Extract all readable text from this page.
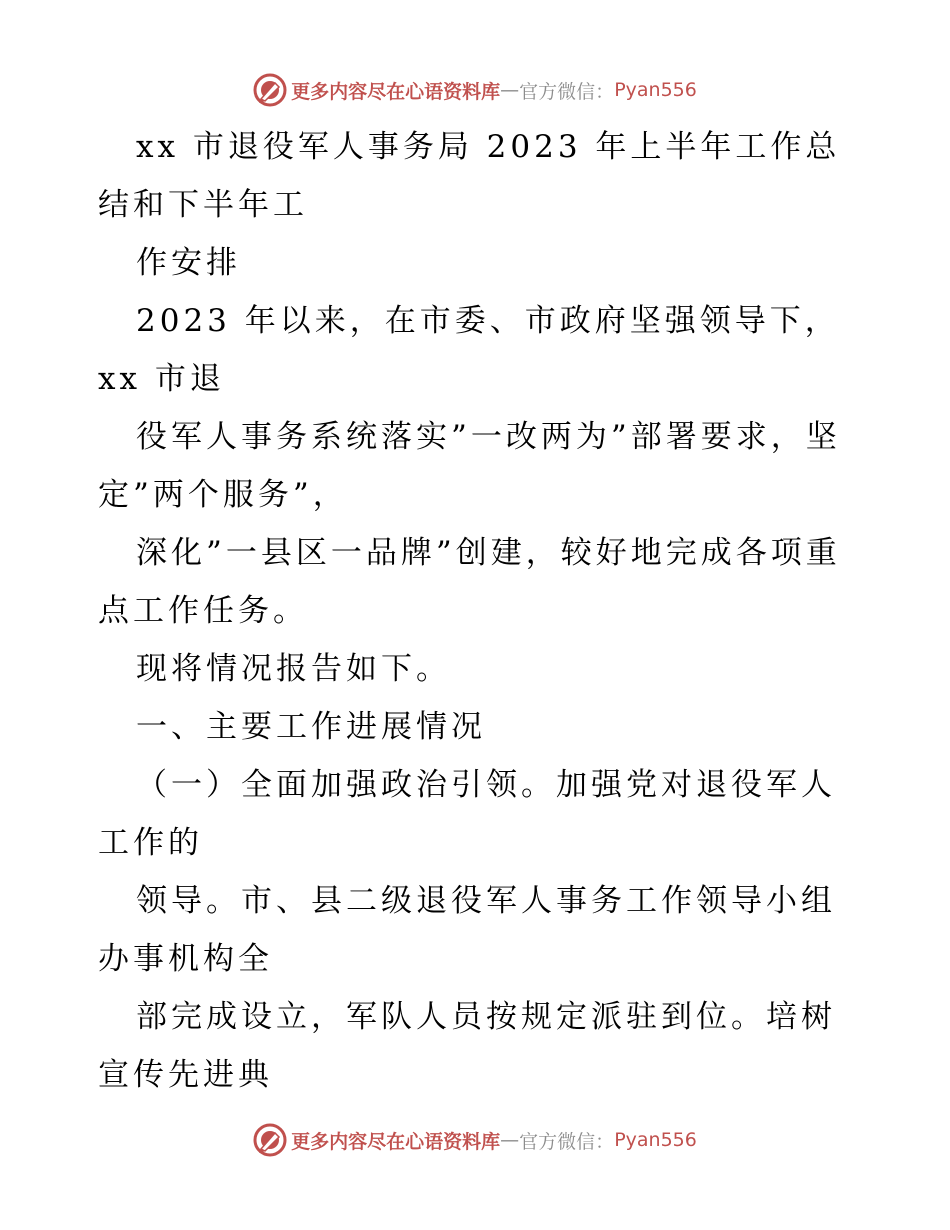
更多内容尽在心语资料库 — 官方微信： Pyan556

xx 市退役军人事务局 2023 年上半年工作总结和下半年工

作安排

2023 年以来，在市委、市政府坚强领导下，xx 市退

役军人事务系统落实”一改两为”部署要求，坚定”两个服务”，

深化”一县区一品牌”创建，较好地完成各项重点工作任务。

现将情况报告如下。

一、主要工作进展情况

（一）全面加强政治引领。加强党对退役军人工作的

领导。市、县二级退役军人事务工作领导小组办事机构全

部完成设立，军队人员按规定派驻到位。培树宣传先进典

更多内容尽在心语资料库 — 官方微信： Pyan556
